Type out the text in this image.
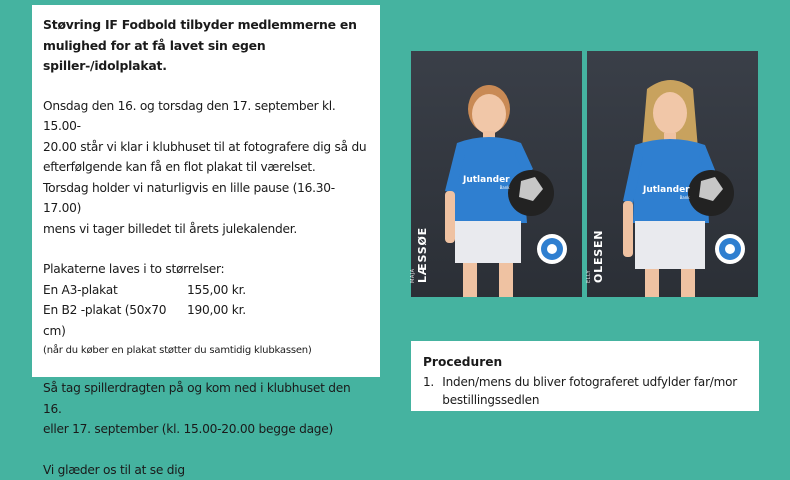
Støvring IF Fodbold tilbyder medlemmerne en
mulighed for at få lavet sin egen spiller-/idolplakat.
Onsdag den 16. og torsdag den 17. september kl. 15.00-
20.00 står vi klar i klubhuset til at fotografere dig så du
efterfølgende kan få en flot plakat til værelset.
Torsdag holder vi naturligvis en lille pause (16.30-17.00)
mens vi tager billedet til årets julekalender.
Plakaterne laves i to størrelser:
En A3-plakat	155,00 kr.
En B2 -plakat (50x70 cm)
190,00 kr.
(når du køber en plakat støtter du samtidig klubkassen)
Så tag spillerdragten på og kom ned i klubhuset den 16.
eller 17. september (kl. 15.00-20.00 begge dage)
Vi glæder os til at se dig
MAJA LÆSSØE
Jutlander
Bank
ELLY OLESEN
Jutlander
Bank
Proceduren
1. Inden/mens du bliver fotograferet udfylder far/mor bestillingssedlen
